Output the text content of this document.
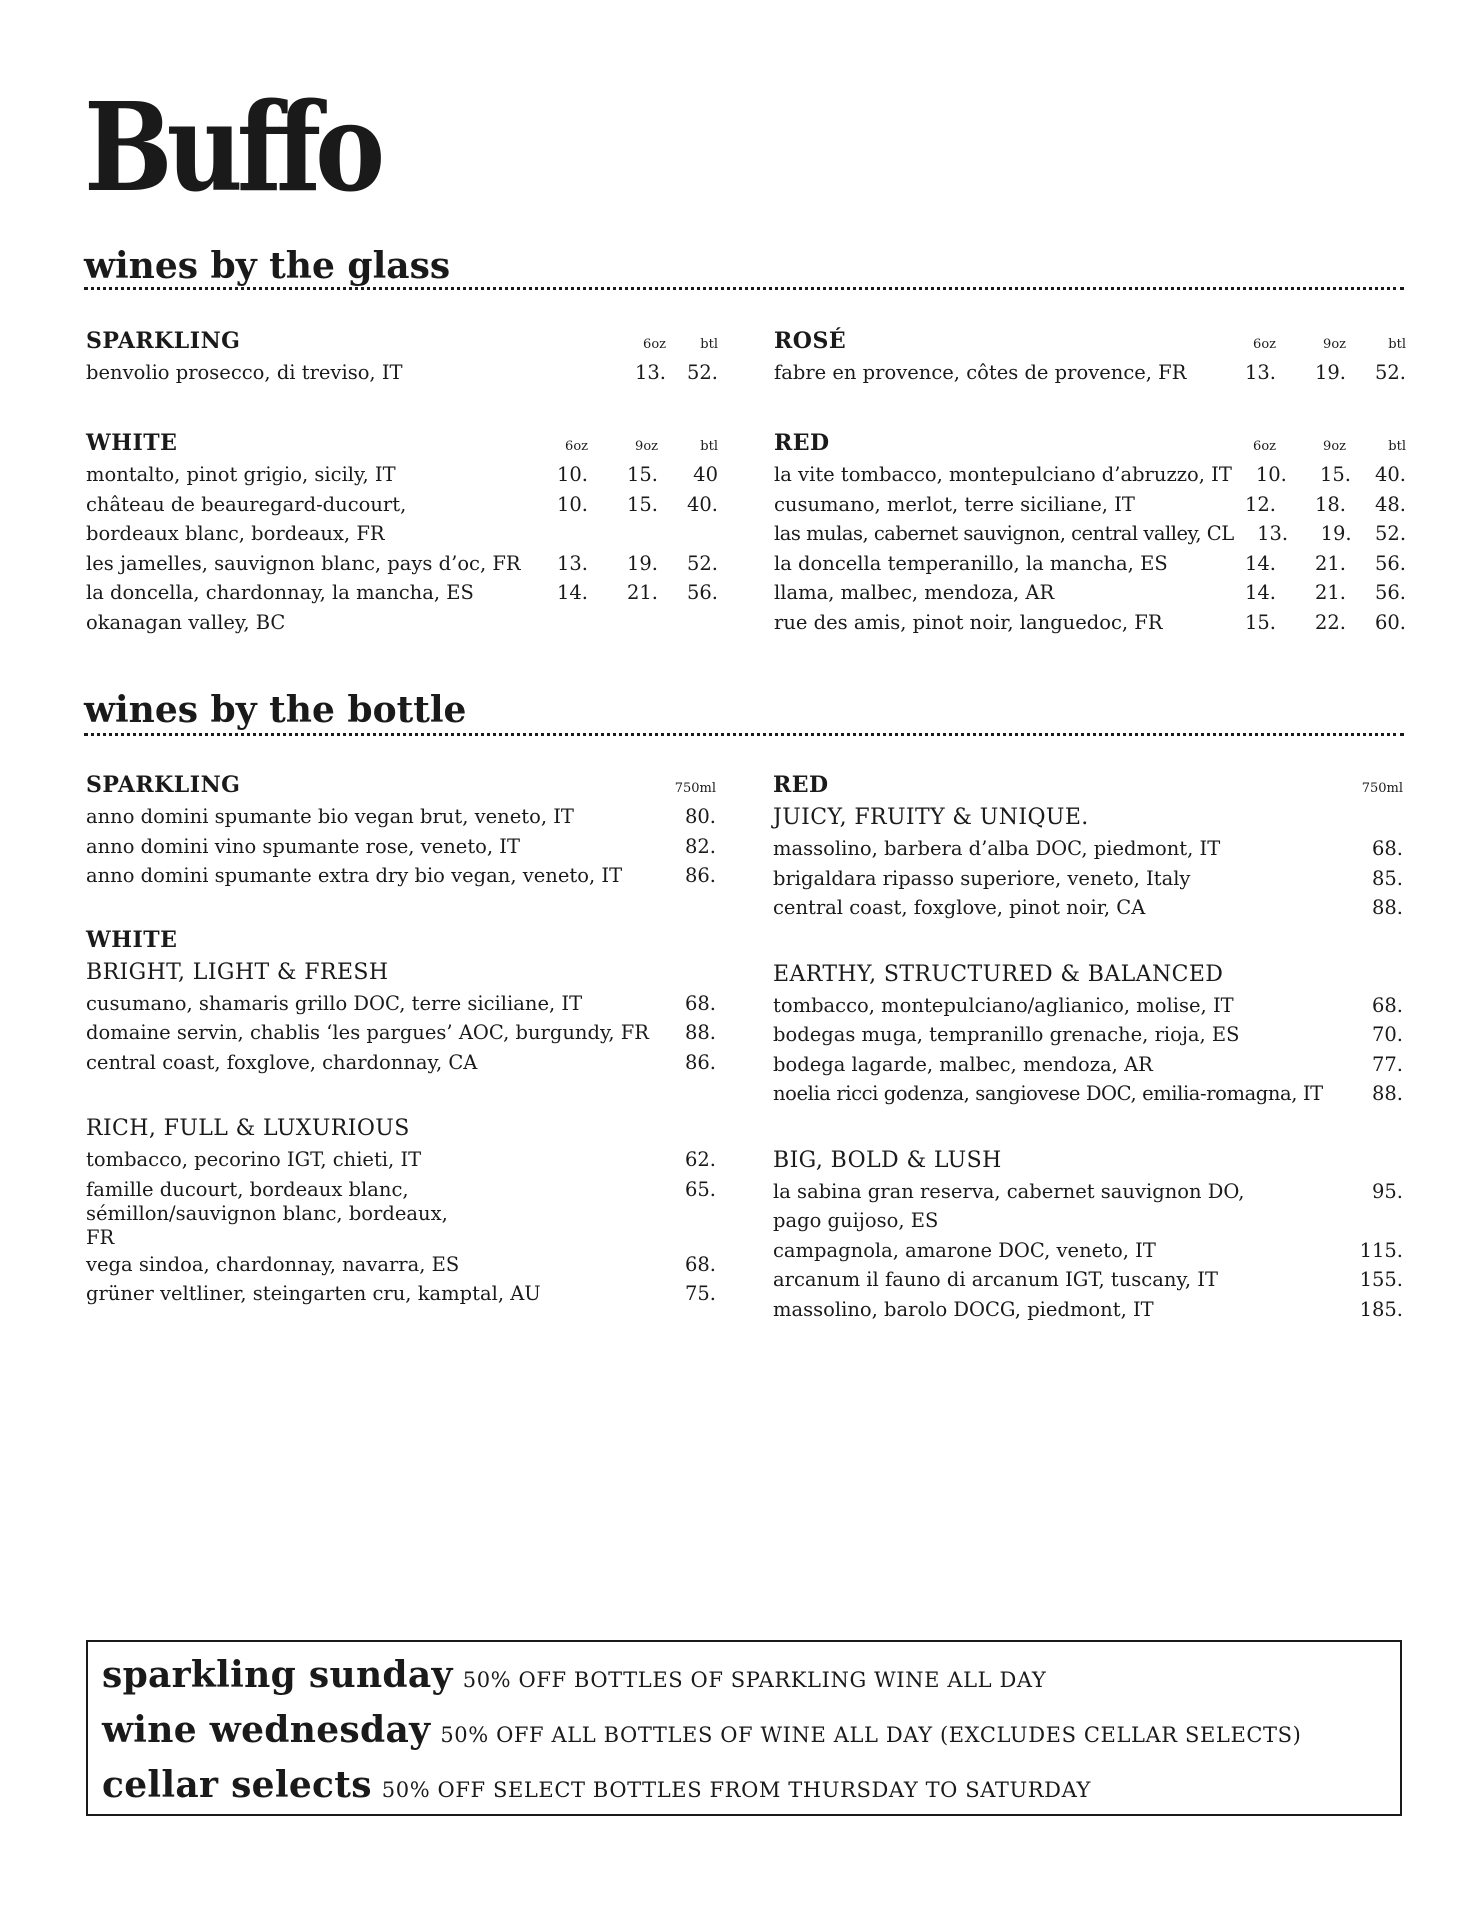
Buffo
wines by the glass
SPARKLING	6oz	btl
benvolio prosecco, di treviso, IT	13.	52.
ROSÉ	6oz	9oz	btl
fabre en provence, côtes de provence, FR	13.	19.	52.
WHITE	6oz	9oz	btl
montalto, pinot grigio, sicily, IT	10.	15.	40
château de beauregard-ducourt,	10.	15.	40.
bordeaux blanc, bordeaux, FR
les jamelles, sauvignon blanc, pays d’oc, FR	13.	19.	52.
la doncella, chardonnay, la mancha, ES	14.	21.	56.
okanagan valley, BC
RED	6oz	9oz	btl
la vite tombacco, montepulciano d’abruzzo, IT	10.	15.	40.
cusumano, merlot, terre siciliane, IT	12.	18.	48.
las mulas, cabernet sauvignon, central valley, CL	13.	19.	52.
la doncella temperanillo, la mancha, ES	14.	21.	56.
llama, malbec, mendoza, AR	14.	21.	56.
rue des amis, pinot noir, languedoc, FR	15.	22.	60.
wines by the bottle
SPARKLING	750ml
anno domini spumante bio vegan brut, veneto, IT	80.
anno domini vino spumante rose, veneto, IT	82.
anno domini spumante extra dry bio vegan, veneto, IT	86.
WHITE
BRIGHT, LIGHT & FRESH
cusumano, shamaris grillo DOC, terre siciliane, IT	68.
domaine servin, chablis ‘les pargues’ AOC, burgundy, FR	88.
central coast, foxglove, chardonnay, CA	86.
RICH, FULL & LUXURIOUS
tombacco, pecorino IGT, chieti, IT	62.
famille ducourt, bordeaux blanc, sémillon/sauvignon blanc, bordeaux, FR
65.
vega sindoa, chardonnay, navarra, ES	68.
grüner veltliner, steingarten cru, kamptal, AU	75.
RED	750ml
JUICY, FRUITY & UNIQUE.
massolino, barbera d’alba DOC, piedmont, IT	68.
brigaldara ripasso superiore, veneto, Italy	85.
central coast, foxglove, pinot noir, CA	88.
EARTHY, STRUCTURED & BALANCED
tombacco, montepulciano/aglianico, molise, IT	68.
bodegas muga, tempranillo grenache, rioja, ES	70.
bodega lagarde, malbec, mendoza, AR	77.
noelia ricci godenza, sangiovese DOC, emilia-romagna, IT	88.
BIG, BOLD & LUSH
la sabina gran reserva, cabernet sauvignon DO, pago guijoso, ES
95.
campagnola, amarone DOC, veneto, IT	115.
arcanum il fauno di arcanum IGT, tuscany, IT	155.
massolino, barolo DOCG, piedmont, IT	185.
sparkling sunday 50% OFF BOTTLES OF SPARKLING WINE ALL DAY
wine wednesday 50% OFF ALL BOTTLES OF WINE ALL DAY (EXCLUDES CELLAR SELECTS)
cellar selects 50% OFF SELECT BOTTLES FROM THURSDAY TO SATURDAY
